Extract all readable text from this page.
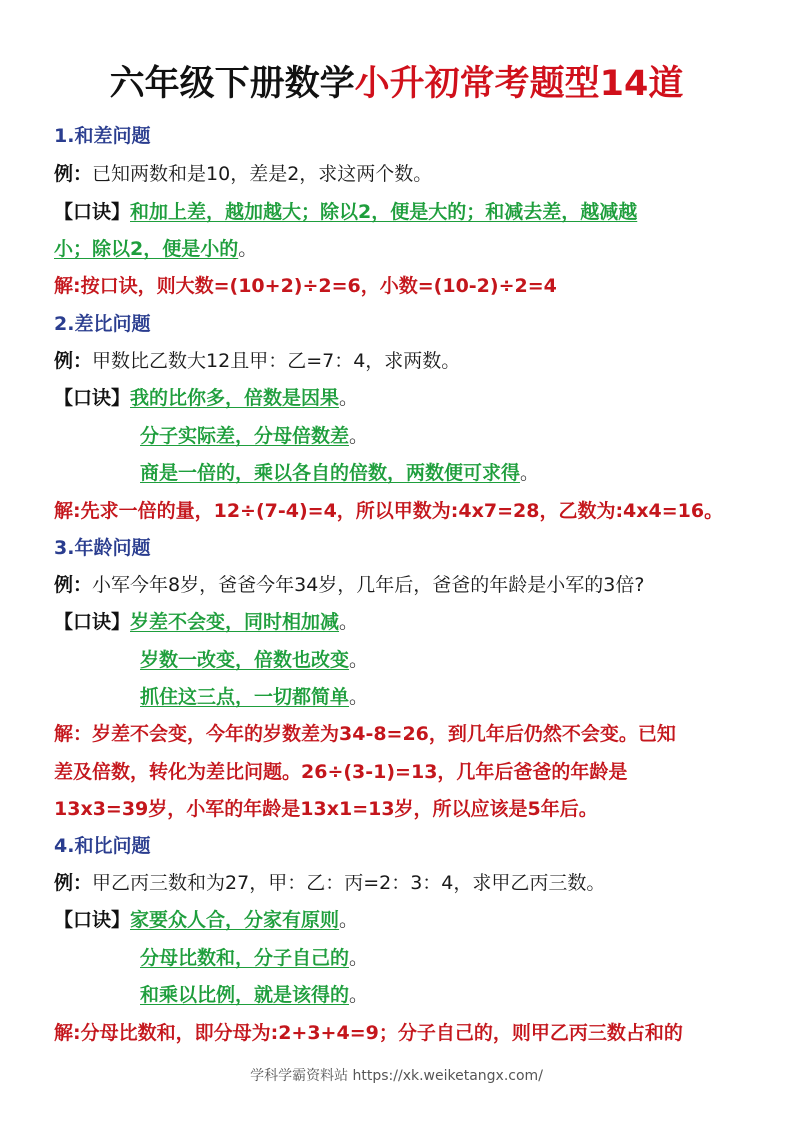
六年级下册数学小升初常考题型14道
1.和差问题
例：已知两数和是10，差是2，求这两个数。
【口诀】和加上差，越加越大；除以2，便是大的；和减去差，越减越
小；除以2，便是小的。
解:按口诀，则大数=(10+2)÷2=6，小数=(10-2)÷2=4
2.差比问题
例：甲数比乙数大12且甲：乙=7：4，求两数。
【口诀】我的比你多，倍数是因果。
分子实际差，分母倍数差。
商是一倍的，乘以各自的倍数，两数便可求得。
解:先求一倍的量，12÷(7-4)=4，所以甲数为:4x7=28，乙数为:4x4=16。
3.年龄问题
例：小军今年8岁，爸爸今年34岁，几年后，爸爸的年龄是小军的3倍?
【口诀】岁差不会变，同时相加减。
岁数一改变，倍数也改变。
抓住这三点，一切都简单。
解：岁差不会变，今年的岁数差为34-8=26，到几年后仍然不会变。已知
差及倍数，转化为差比问题。26÷(3-1)=13，几年后爸爸的年龄是
13x3=39岁，小军的年龄是13x1=13岁，所以应该是5年后。
4.和比问题
例：甲乙丙三数和为27，甲：乙：丙=2：3：4，求甲乙丙三数。
【口诀】家要众人合，分家有原则。
分母比数和，分子自己的。
和乘以比例，就是该得的。
解:分母比数和，即分母为:2+3+4=9；分子自己的，则甲乙丙三数占和的
学科学霸资料站 https://xk.weiketangx.com/
